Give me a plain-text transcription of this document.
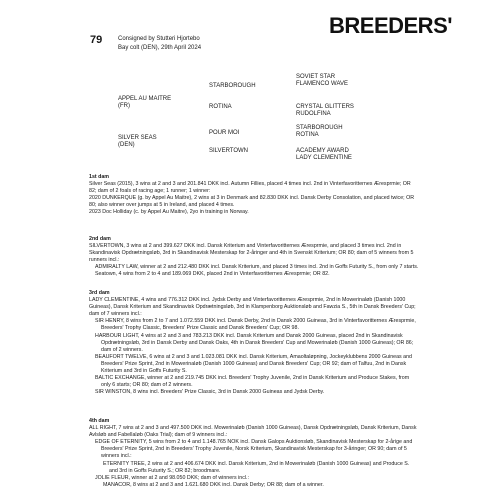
BREEDERS'
79	Consigned by Stutteri Hjortebo
Bay colt (DEN), 29th April 2024
APPEL AU MAITRE
(FR)
STARBOROUGH
ROTINA
SOVIET STAR
FLAMENCO WAVE
CRYSTAL GLITTERS
RUDOLFINA
SILVER SEAS
(DEN)
POUR MOI
SILVERTOWN
STARBOROUGH
ROTINA
ACADEMY AWARD
LADY CLEMENTINE
1st dam
Silver Seas (2015), 3 wins at 2 and 3 and 201.841 DKK incl. Autumn Fillies, placed 4 times incl. 2nd in Vinterfavoritternes Æresprmie; OR 82; dam of 2 foals of racing age; 1 runner; 1 winner:
2020 DUNKERQUE (g. by Appel Au Maitre), 2 wins at 3 in Denmark and 82.830 DKK incl. Dansk Derby Consolation, and placed twice; OR 80; also winner over jumps at 5 in Ireland, and placed 4 times.
2023 Doc Holliday (c. by Appel Au Maitre), 2yo in training in Norway.
2nd dam
SILVERTOWN, 3 wins at 2 and 399.627 DKK incl. Dansk Kriterium and Vinterfavoritternes Æresprmie, and placed 3 times incl. 2nd in Skandinavisk Opdrætningsløb, 3rd in Skandinavisk Mesterskap for 2-åringer and 4th in Svenskt Kriterium; OR 80; dam of 5 winners from 5 runners incl.:
ADMIRALTY LAW, winner at 2 and 212.480 DKK incl. Dansk Kriterium, and placed 3 times incl. 2nd in Goffs Futurity S., from only 7 starts.
Seatown, 4 wins from 2 to 4 and 189.069 DKK, placed 2nd in Vinterfavoritternes Æresprmie; OR 82.
3rd dam
LADY CLEMENTINE, 4 wins and 776.312 DKK incl. Jydsk Derby and Vinterfavoritternes Æresprmie, 2nd in Mowerinaløb (Danish 1000 Guineas), Dansk Kriterium and Skandinavisk Opdrætningsløb, 3rd in Klampenborg Auktionsløb and Fawzia S., 5th in Dansk Breeders' Cup; dam of 7 winners incl.:
SIR HENRY, 8 wins from 2 to 7 and 1.072.559 DKK incl. Dansk Derby, 2nd in Dansk 2000 Guineas, 3rd in Vinterfavoritternes Æresprmie, Breeders' Trophy Classic, Breeders' Prize Classic and Dansk Breeders' Cup; OR 98.
HARBOUR LIGHT, 4 wins at 2 and 3 and 783.213 DKK incl. Dansk Kriterium and Dansk 2000 Guineas, placed 2nd in Skandinavisk Opdrætningsløb, 3rd in Dansk Derby and Dansk Oaks, 4th in Dansk Breeders' Cup and Mowerinaløb (Danish 1000 Guineas); OR 86; dam of 2 winners.
BEAUFORT TWELVE, 6 wins at 2 and 3 and 1.023.081 DKK incl. Dansk Kriterium, Amaoltaløpning, Jockeyklubbens 2000 Guineas and Breeders' Prize Sprint, 2nd in Mowerinaløb (Danish 1000 Guineas) and Dansk Breeders' Cup; OR 92; dam of Talfuu, 2nd in Dansk Kriterium and 3rd in Goffs Futurity S.
BALTIC EXCHANGE, winner at 2 and 219.745 DKK incl. Breeders' Trophy Juvenile, 2nd in Dansk Kriterium and Produce Stakes, from only 6 starts; OR 80; dam of 2 winners.
SIR WINSTON, 8 wins incl. Breeders' Prize Classic, 3rd in Dansk 2000 Guineas and Jydsk Derby.
4th dam
ALL RIGHT, 7 wins at 2 and 3 and 497.500 DKK incl. Mowerinaløb (Danish 1000 Guineas), Dansk Opdrætningsløb, Dansk Kriterium, Dansk Avlsløb and Fabellaløb (Oaks Trial); dam of 9 winners incl.:
EDGE OF ETERNITY, 5 wins from 2 to 4 and 1.148.765 NOK incl. Dansk Galops Auktionsløb, Skandinavisk Mesterskap for 2-årige and Breeders' Prize Sprint, 2nd in Breeders' Trophy Juvenile, Norsk Kriterium, Skandinavisk Mesterskap for 3-åringer; OR 90; dam of 5 winners incl.:
ETERNITY TREE, 2 wins at 2 and 406.674 DKK incl. Dansk Kriterium, 2nd in Mowerinaløb (Danish 1000 Guineas) and Produce S. and 3rd in Goffs Futurity S.; OR 82; broodmare.
JOLIE FLEUR, winner at 2 and 98.050 DKK; dam of winners incl.:
MANACOR, 8 wins at 2 and 3 and 1.621.680 DKK incl. Dansk Derby; OR 88; dam of a winner.
